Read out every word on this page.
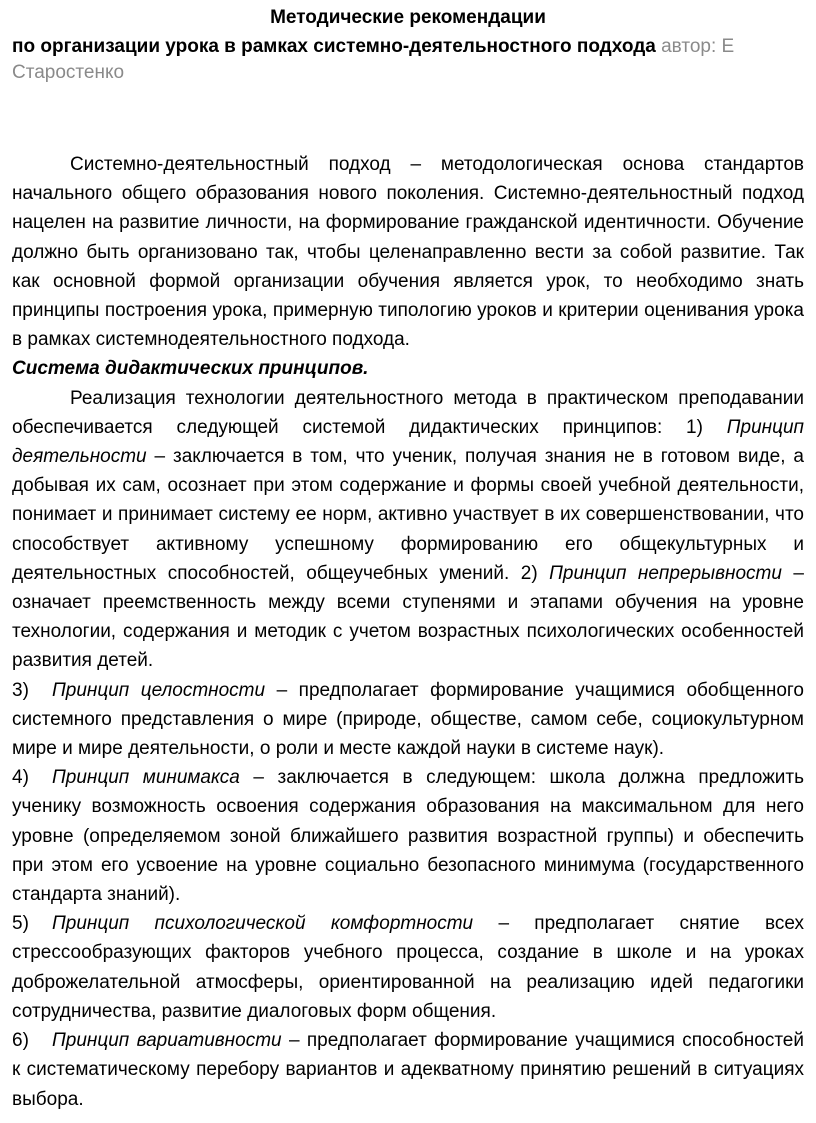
Методические рекомендации
по организации урока в рамках системно-деятельностного подхода автор: Е Старостенко

Системно-деятельностный подход – методологическая основа стандартов начального общего образования нового поколения. Системно-деятельностный подход нацелен на развитие личности, на формирование гражданской идентичности. Обучение должно быть организовано так, чтобы целенаправленно вести за собой развитие. Так как основной формой организации обучения является урок, то необходимо знать принципы построения урока, примерную типологию уроков и критерии оценивания урока в рамках системнодеятельностного подхода.

Система дидактических принципов.

Реализация технологии деятельностного метода в практическом преподавании обеспечивается следующей системой дидактических принципов: 1) Принцип деятельности – заключается в том, что ученик, получая знания не в готовом виде, а добывая их сам, осознает при этом содержание и формы своей учебной деятельности, понимает и принимает систему ее норм, активно участвует в их совершенствовании, что способствует активному успешному формированию его общекультурных и деятельностных способностей, общеучебных умений. 2) Принцип непрерывности – означает преемственность между всеми ступенями и этапами обучения на уровне технологии, содержания и методик с учетом возрастных психологических особенностей развития детей.

3) Принцип целостности – предполагает формирование учащимися обобщенного системного представления о мире (природе, обществе, самом себе, социокультурном мире и мире деятельности, о роли и месте каждой науки в системе наук).

4) Принцип минимакса – заключается в следующем: школа должна предложить ученику возможность освоения содержания образования на максимальном для него уровне (определяемом зоной ближайшего развития возрастной группы) и обеспечить при этом его усвоение на уровне социально безопасного минимума (государственного стандарта знаний).

5) Принцип психологической комфортности – предполагает снятие всех стрессообразующих факторов учебного процесса, создание в школе и на уроках доброжелательной атмосферы, ориентированной на реализацию идей педагогики сотрудничества, развитие диалоговых форм общения.

6) Принцип вариативности – предполагает формирование учащимися способностей к систематическому перебору вариантов и адекватному принятию решений в ситуациях выбора.
